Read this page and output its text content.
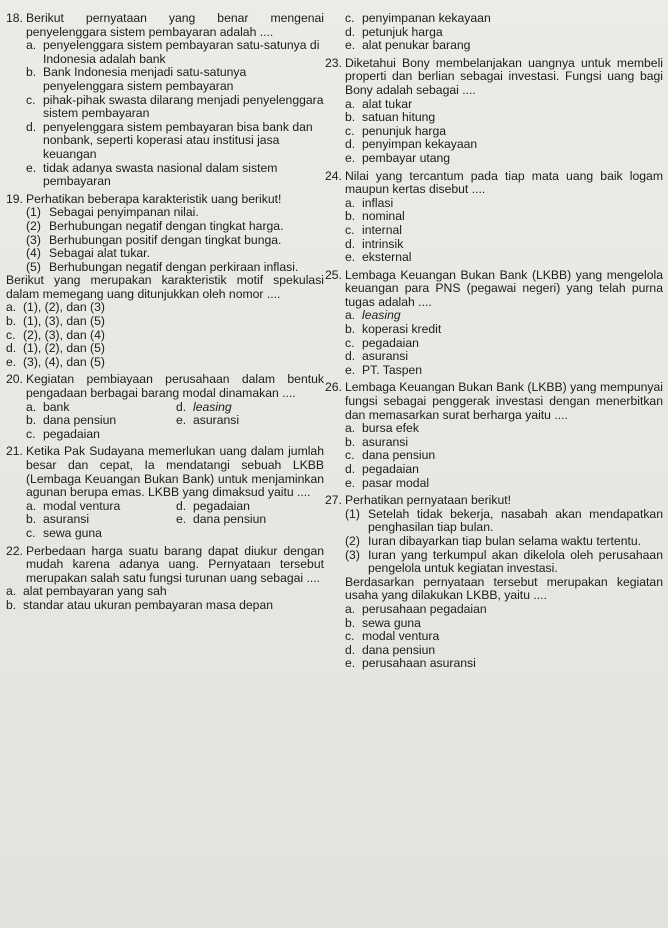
18. Berikut pernyataan yang benar mengenai penyelenggara sistem pembayaran adalah ....
a. penyelenggara sistem pembayaran satu-satunya di Indonesia adalah bank
b. Bank Indonesia menjadi satu-satunya penyelenggara sistem pembayaran
c. pihak-pihak swasta dilarang menjadi penyelenggara sistem pembayaran
d. penyelenggara sistem pembayaran bisa bank dan nonbank, seperti koperasi atau institusi jasa keuangan
e. tidak adanya swasta nasional dalam sistem pembayaran
19. Perhatikan beberapa karakteristik uang berikut!
(1) Sebagai penyimpanan nilai.
(2) Berhubungan negatif dengan tingkat harga.
(3) Berhubungan positif dengan tingkat bunga.
(4) Sebagai alat tukar.
(5) Berhubungan negatif dengan perkiraan inflasi.
Berikut yang merupakan karakteristik motif spekulasi dalam memegang uang ditunjukkan oleh nomor ....
a. (1), (2), dan (3)
b. (1), (3), dan (5)
c. (2), (3), dan (4)
d. (1), (2), dan (5)
e. (3), (4), dan (5)
20. Kegiatan pembiayaan perusahaan dalam bentuk pengadaan berbagai barang modal dinamakan ....
a. bank	d. leasing
b. dana pensiun	e. asuransi
c. pegadaian
21. Ketika Pak Sudayana memerlukan uang dalam jumlah besar dan cepat, Ia mendatangi sebuah LKBB (Lembaga Keuangan Bukan Bank) untuk menjaminkan agunan berupa emas. LKBB yang dimaksud yaitu ....
a. modal ventura	d. pegadaian
b. asuransi	e. dana pensiun
c. sewa guna
22. Perbedaan harga suatu barang dapat diukur dengan mudah karena adanya uang. Pernyataan tersebut merupakan salah satu fungsi turunan uang sebagai ....
a. alat pembayaran yang sah
b. standar atau ukuran pembayaran masa depan
c. penyimpanan kekayaan
d. petunjuk harga
e. alat penukar barang
23. Diketahui Bony membelanjakan uangnya untuk membeli properti dan berlian sebagai investasi. Fungsi uang bagi Bony adalah sebagai ....
a. alat tukar
b. satuan hitung
c. penunjuk harga
d. penyimpan kekayaan
e. pembayar utang
24. Nilai yang tercantum pada tiap mata uang baik logam maupun kertas disebut ....
a. inflasi
b. nominal
c. internal
d. intrinsik
e. eksternal
25. Lembaga Keuangan Bukan Bank (LKBB) yang mengelola keuangan para PNS (pegawai negeri) yang telah purna tugas adalah ....
a. leasing
b. koperasi kredit
c. pegadaian
d. asuransi
e. PT. Taspen
26. Lembaga Keuangan Bukan Bank (LKBB) yang mempunyai fungsi sebagai penggerak investasi dengan menerbitkan dan memasarkan surat berharga yaitu ....
a. bursa efek
b. asuransi
c. dana pensiun
d. pegadaian
e. pasar modal
27. Perhatikan pernyataan berikut!
(1) Setelah tidak bekerja, nasabah akan mendapatkan penghasilan tiap bulan.
(2) Iuran dibayarkan tiap bulan selama waktu tertentu.
(3) Iuran yang terkumpul akan dikelola oleh perusahaan pengelola untuk kegiatan investasi.
Berdasarkan pernyataan tersebut merupakan kegiatan usaha yang dilakukan LKBB, yaitu ....
a. perusahaan pegadaian
b. sewa guna
c. modal ventura
d. dana pensiun
e. perusahaan asuransi
